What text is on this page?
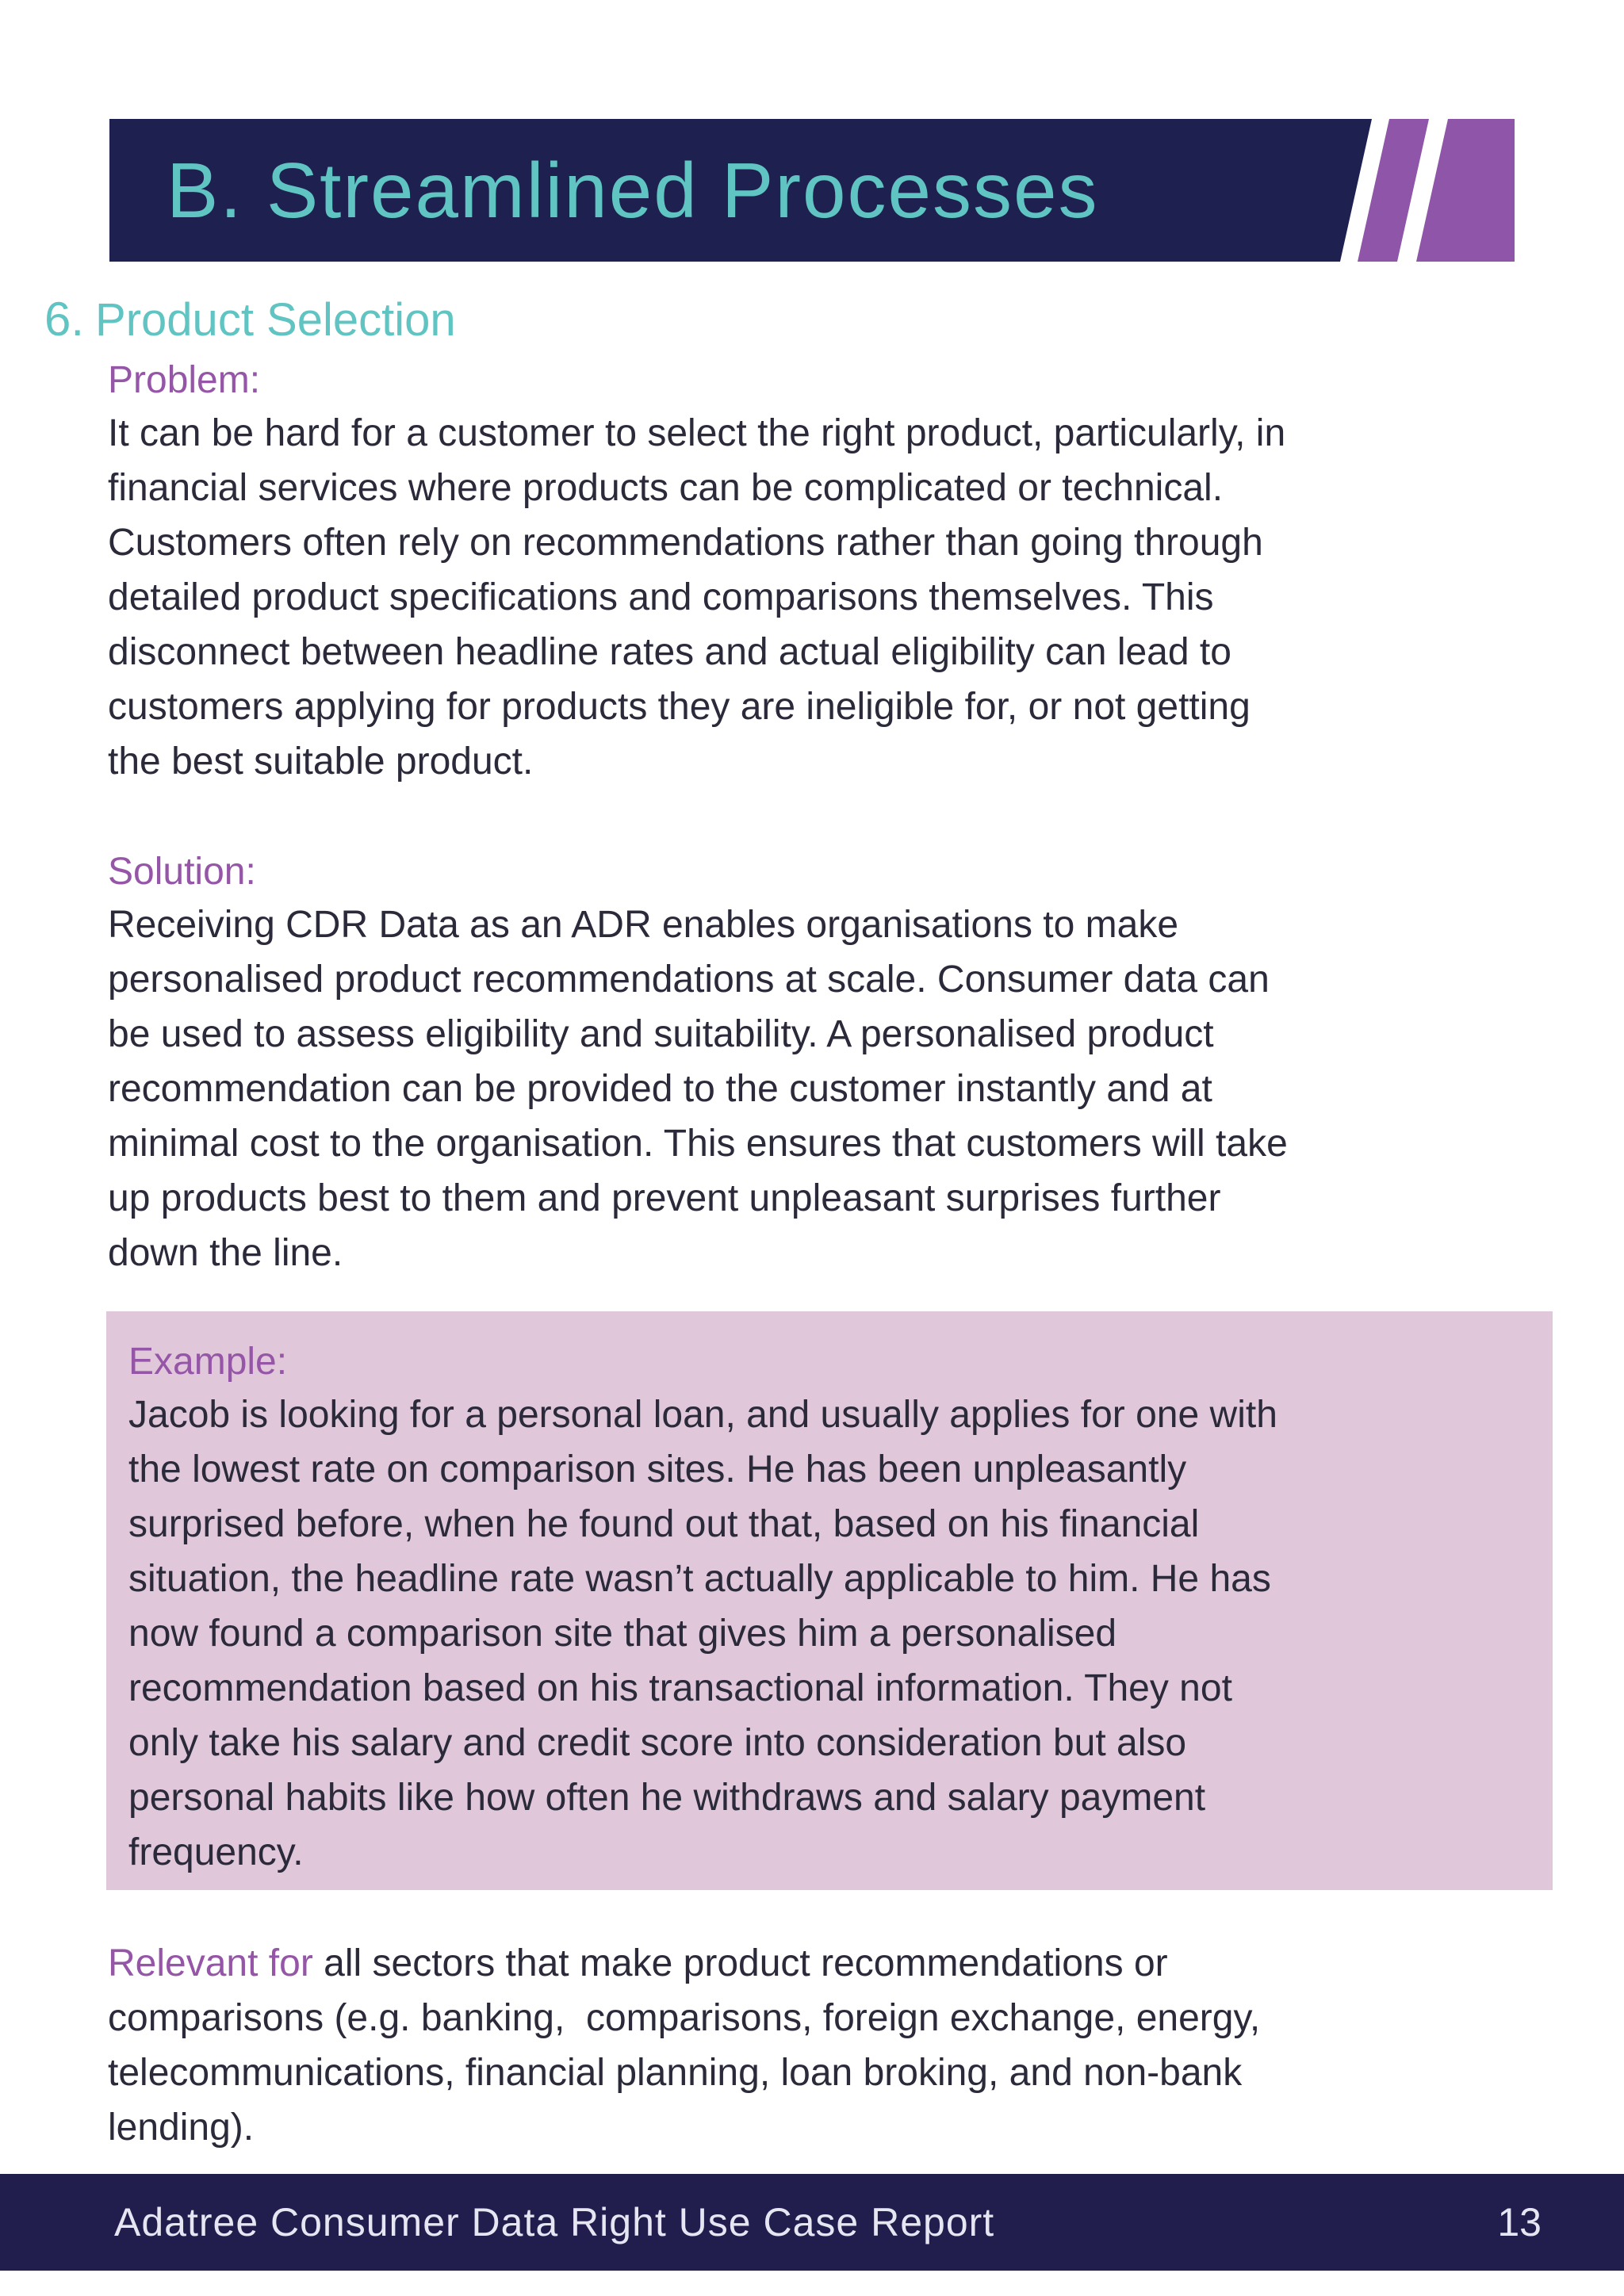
B. Streamlined Processes
6. Product Selection
Problem:

It can be hard for a customer to select the right product, particularly, in

financial services where products can be complicated or technical.

Customers often rely on recommendations rather than going through

detailed product specifications and comparisons themselves. This

disconnect between headline rates and actual eligibility can lead to

customers applying for products they are ineligible for, or not getting

the best suitable product.

Solution:

Receiving CDR Data as an ADR enables organisations to make

personalised product recommendations at scale. Consumer data can

be used to assess eligibility and suitability. A personalised product

recommendation can be provided to the customer instantly and at

minimal cost to the organisation. This ensures that customers will take

up products best to them and prevent unpleasant surprises further

down the line.

Example:

Jacob is looking for a personal loan, and usually applies for one with

the lowest rate on comparison sites. He has been unpleasantly

surprised before, when he found out that, based on his financial

situation, the headline rate wasn’t actually applicable to him. He has

now found a comparison site that gives him a personalised

recommendation based on his transactional information. They not

only take his salary and credit score into consideration but also

personal habits like how often he withdraws and salary payment

frequency.

Relevant for all sectors that make product recommendations or

comparisons (e.g. banking,  comparisons, foreign exchange, energy,

telecommunications, financial planning, loan broking, and non-bank

lending).

Adatree Consumer Data Right Use Case Report	13
